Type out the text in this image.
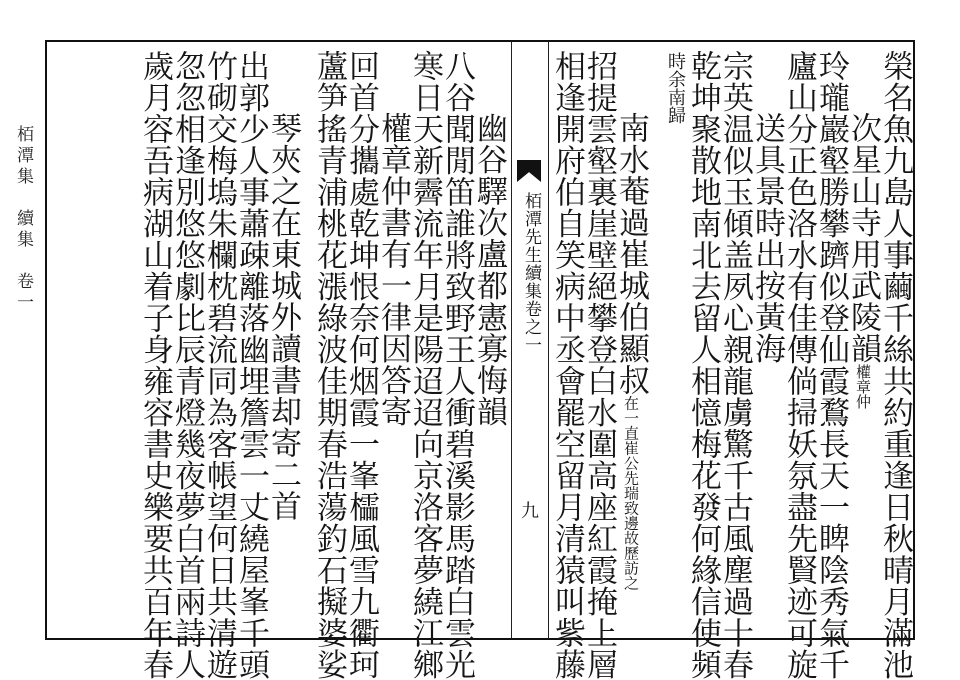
栢潭集　續集　卷一	榮名魚九島人事繭千絲共約重逢日秋晴月滿池
次星山寺用武陵韻權章仲
玲瓏巖壑勝攀躋似登仙霞鶩長天一睥陰秀氣千
廬山分正色洛水有佳傳倘掃妖氛盡先賢迹可旋
送具景時出按黃海
宗英温似玉傾盖夙心親龍虜驚千古風塵過十春
乾坤聚散地南北去留人相憶梅花發何緣信使頻
時余南歸
南水菴過崔城伯顯叔在一直崔公先瑞致邊故歷訪之
招提雲壑裏崖壁絕攀登白水圍高座紅霞掩上層
相逢開府伯自笑病中丞會罷空留月清猿叫紫藤
栢潭先生續集卷之一
九
幽谷驛次盧都憲寡悔韻
八谷聞閒笛誰將致野王人衝碧溪影馬踏白雲光
寒日天新霽流年月是陽迢迢向京洛客夢繞江鄉
權章仲書有一律因答寄
回首分攜處乾坤恨奈何烟霞一峯櫺風雪九衢珂
蘆笋搖青浦桃花漲綠波佳期春浩蕩釣石擬婆娑
琴夾之在東城外讀書却寄二首
出郭少人事蕭疎離落幽埋簷雲一丈繞屋峯千頭
竹砌交梅塢朱欄枕碧流同為客帳望何日共清遊
忽忽相逢別悠悠劇比辰青燈幾夜夢白首兩詩人
歲月容吾病湖山着子身雍容書史樂要共百年春
